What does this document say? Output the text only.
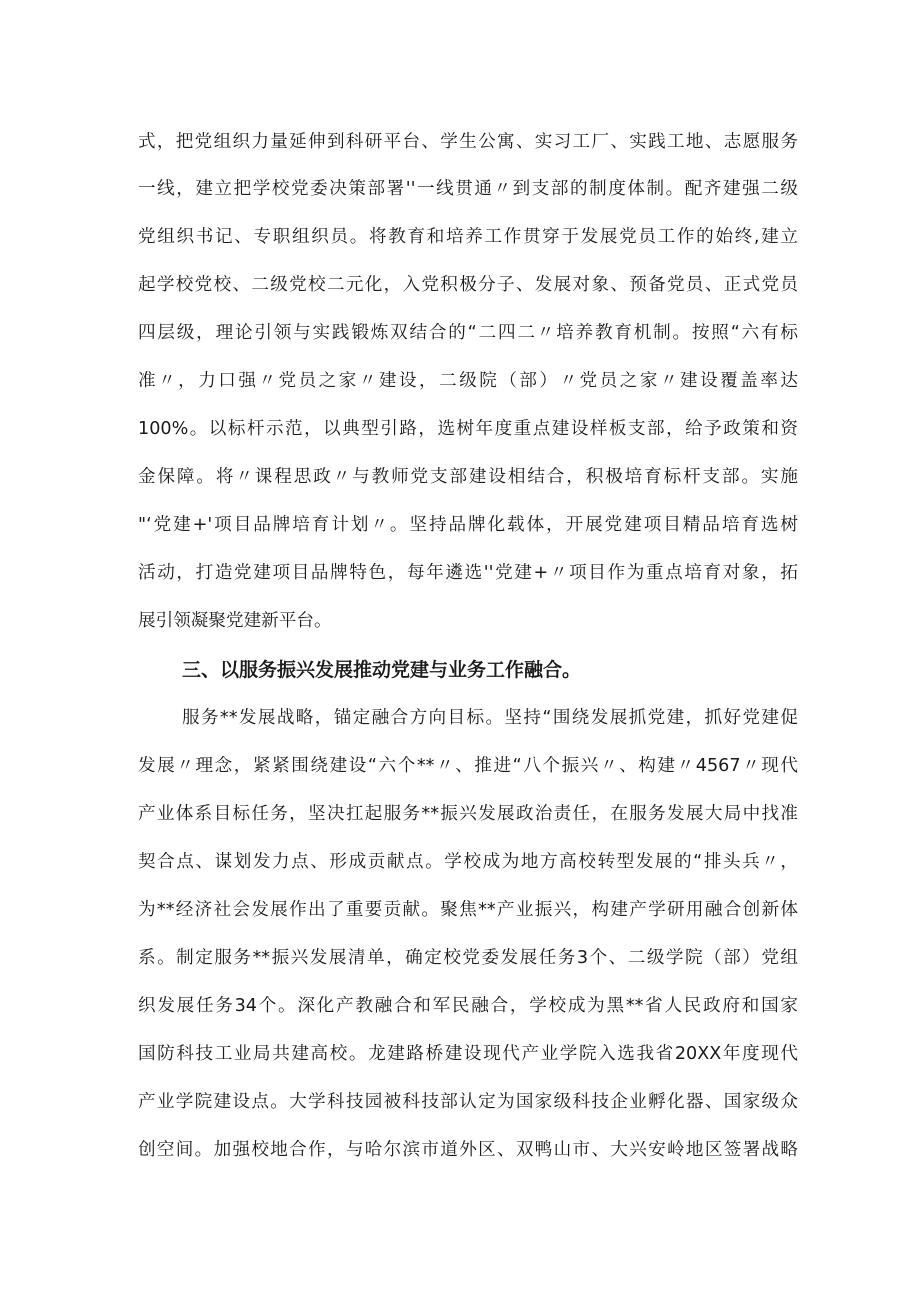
式，把党组织力量延伸到科研平台、学生公寓、实习工厂、实践工地、志愿服务
一线，建立把学校党委决策部署''一线贯通〃到支部的制度体制。配齐建强二级
党组织书记、专职组织员。将教育和培养工作贯穿于发展党员工作的始终,建立
起学校党校、二级党校二元化，入党积极分子、发展对象、预备党员、正式党员
四层级，理论引领与实践锻炼双结合的“二四二〃培养教育机制。按照“六有标
准〃，力口强〃党员之家〃建设，二级院（部）〃党员之家〃建设覆盖率达
100%。以标杆示范，以典型引路，选树年度重点建设样板支部，给予政策和资
金保障。将〃课程思政〃与教师党支部建设相结合，积极培育标杆支部。实施
"‘党建+'项目品牌培育计划〃。坚持品牌化载体，开展党建项目精品培育选树
活动，打造党建项目品牌特色，每年遴选''党建+〃项目作为重点培育对象，拓
展引领凝聚党建新平台。
三、以服务振兴发展推动党建与业务工作融合。
服务**发展战略，锚定融合方向目标。坚持“围绕发展抓党建，抓好党建促
发展〃理念，紧紧围绕建设“六个**〃、推进“八个振兴〃、构建〃4567〃现代
产业体系目标任务，坚决扛起服务**振兴发展政治责任，在服务发展大局中找准
契合点、谋划发力点、形成贡献点。学校成为地方高校转型发展的“排头兵〃，
为**经济社会发展作出了重要贡献。聚焦**产业振兴，构建产学研用融合创新体
系。制定服务**振兴发展清单，确定校党委发展任务3个、二级学院（部）党组
织发展任务34个。深化产教融合和军民融合，学校成为黑**省人民政府和国家
国防科技工业局共建高校。龙建路桥建设现代产业学院入选我省20XX年度现代
产业学院建设点。大学科技园被科技部认定为国家级科技企业孵化器、国家级众
创空间。加强校地合作，与哈尔滨市道外区、双鸭山市、大兴安岭地区签署战略
